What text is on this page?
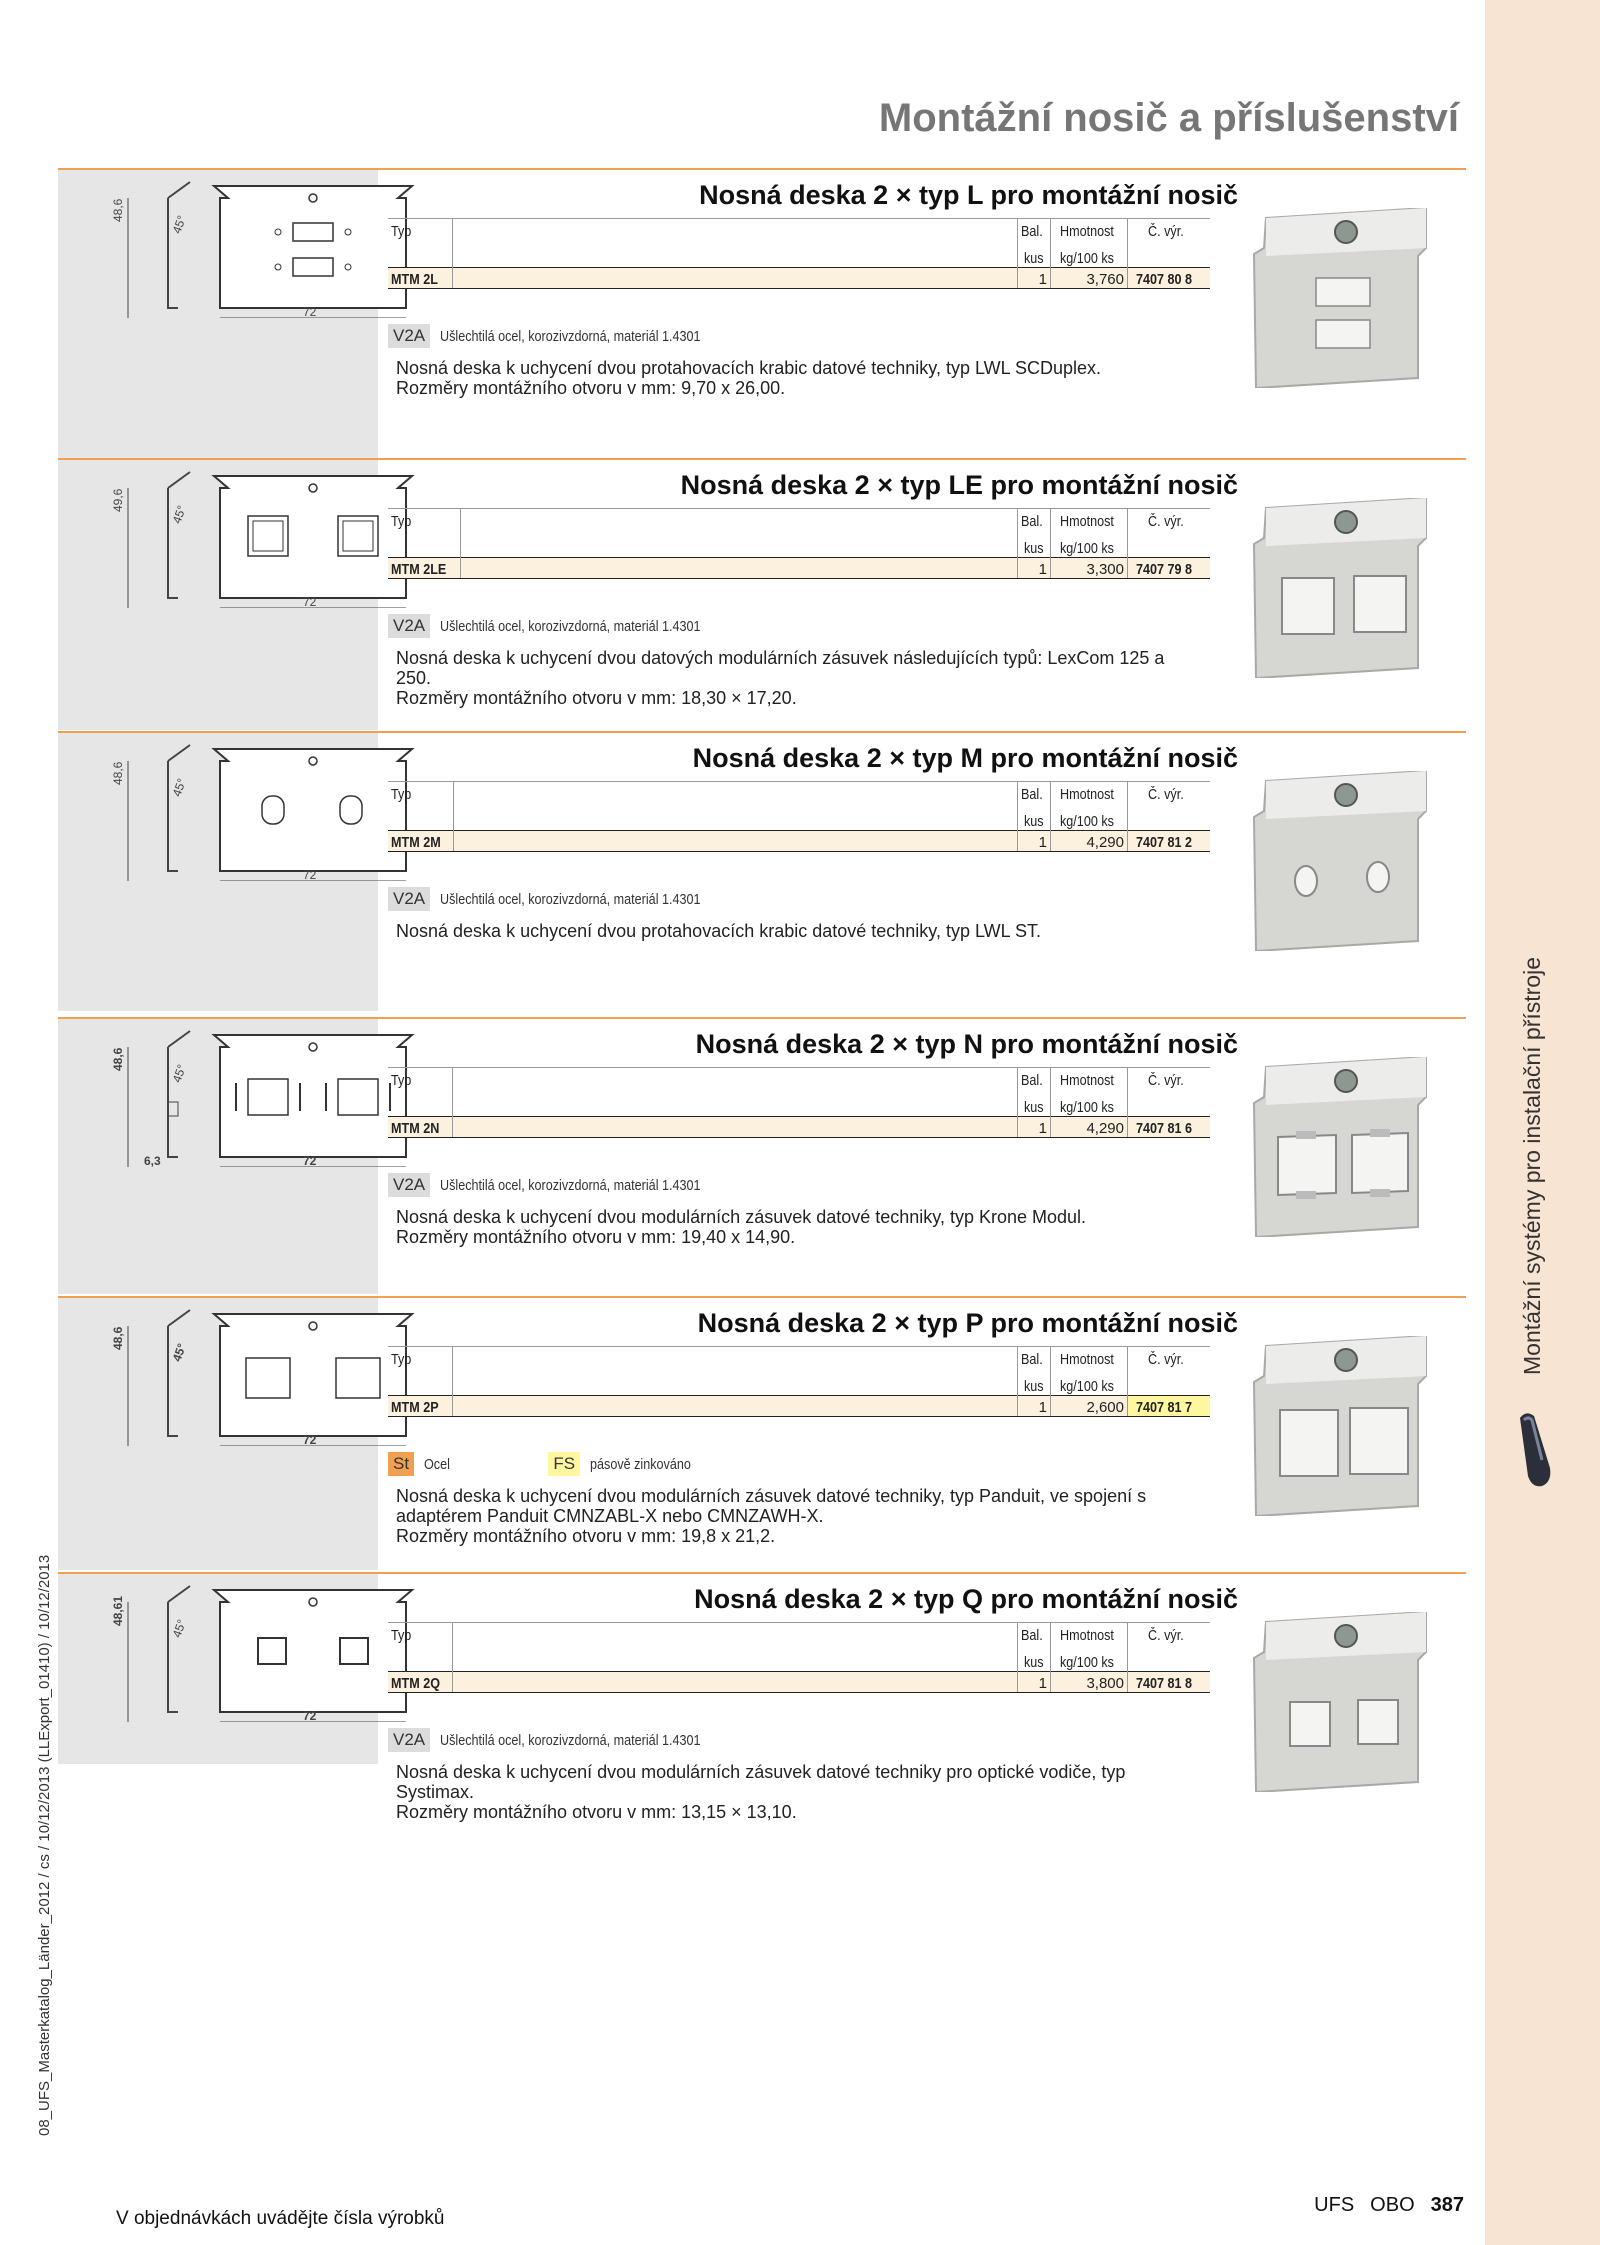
Montážní systémy pro instalační přístroje
Montážní nosič a příslušenství
08_UFS_Masterkatalog_Länder_2012 / cs / 10/12/2013 (LLExport_01410) / 10/12/2013
48,6
45°
72
Nosná deska 2 × typ L pro montážní nosič
Typ		Bal.	Hmotnost	Č. výr.
		kus	kg/100 ks	
MTM 2L		1	3,760	7407 80 8
V2A Ušlechtilá ocel, korozivzdorná, materiál 1.4301
Nosná deska k uchycení dvou protahovacích krabic datové techniky, typ LWL SCDuplex.
Rozměry montážního otvoru v mm: 9,70 x 26,00.
49,6
45°
72
Nosná deska 2 × typ LE pro montážní nosič
Typ		Bal.	Hmotnost	Č. výr.
		kus	kg/100 ks	
MTM 2LE		1	3,300	7407 79 8
V2A Ušlechtilá ocel, korozivzdorná, materiál 1.4301
Nosná deska k uchycení dvou datových modulárních zásuvek následujících typů: LexCom 125 a
250.
Rozměry montážního otvoru v mm: 18,30 × 17,20.
48,6
45°
72
Nosná deska 2 × typ M pro montážní nosič
Typ		Bal.	Hmotnost	Č. výr.
		kus	kg/100 ks	
MTM 2M		1	4,290	7407 81 2
V2A Ušlechtilá ocel, korozivzdorná, materiál 1.4301
Nosná deska k uchycení dvou protahovacích krabic datové techniky, typ LWL ST.
48,6
45°
6,3	72
Nosná deska 2 × typ N pro montážní nosič
Typ		Bal.	Hmotnost	Č. výr.
		kus	kg/100 ks	
MTM 2N		1	4,290	7407 81 6
V2A Ušlechtilá ocel, korozivzdorná, materiál 1.4301
Nosná deska k uchycení dvou modulárních zásuvek datové techniky, typ Krone Modul.
Rozměry montážního otvoru v mm: 19,40 x 14,90.
48,6
45°
72
Nosná deska 2 × typ P pro montážní nosič
Typ		Bal.	Hmotnost	Č. výr.
		kus	kg/100 ks	
MTM 2P		1	2,600	7407 81 7
St Ocel	FS pásově zinkováno
Nosná deska k uchycení dvou modulárních zásuvek datové techniky, typ Panduit, ve spojení s
adaptérem Panduit CMNZABL-X nebo CMNZAWH-X.
Rozměry montážního otvoru v mm: 19,8 x 21,2.
48,61
45°
72
Nosná deska 2 × typ Q pro montážní nosič
Typ		Bal.	Hmotnost	Č. výr.
		kus	kg/100 ks	
MTM 2Q		1	3,800	7407 81 8
V2A Ušlechtilá ocel, korozivzdorná, materiál 1.4301
Nosná deska k uchycení dvou modulárních zásuvek datové techniky pro optické vodiče, typ
Systimax.
Rozměry montážního otvoru v mm: 13,15 × 13,10.
V objednávkách uvádějte čísla výrobků
UFS OBO 387
